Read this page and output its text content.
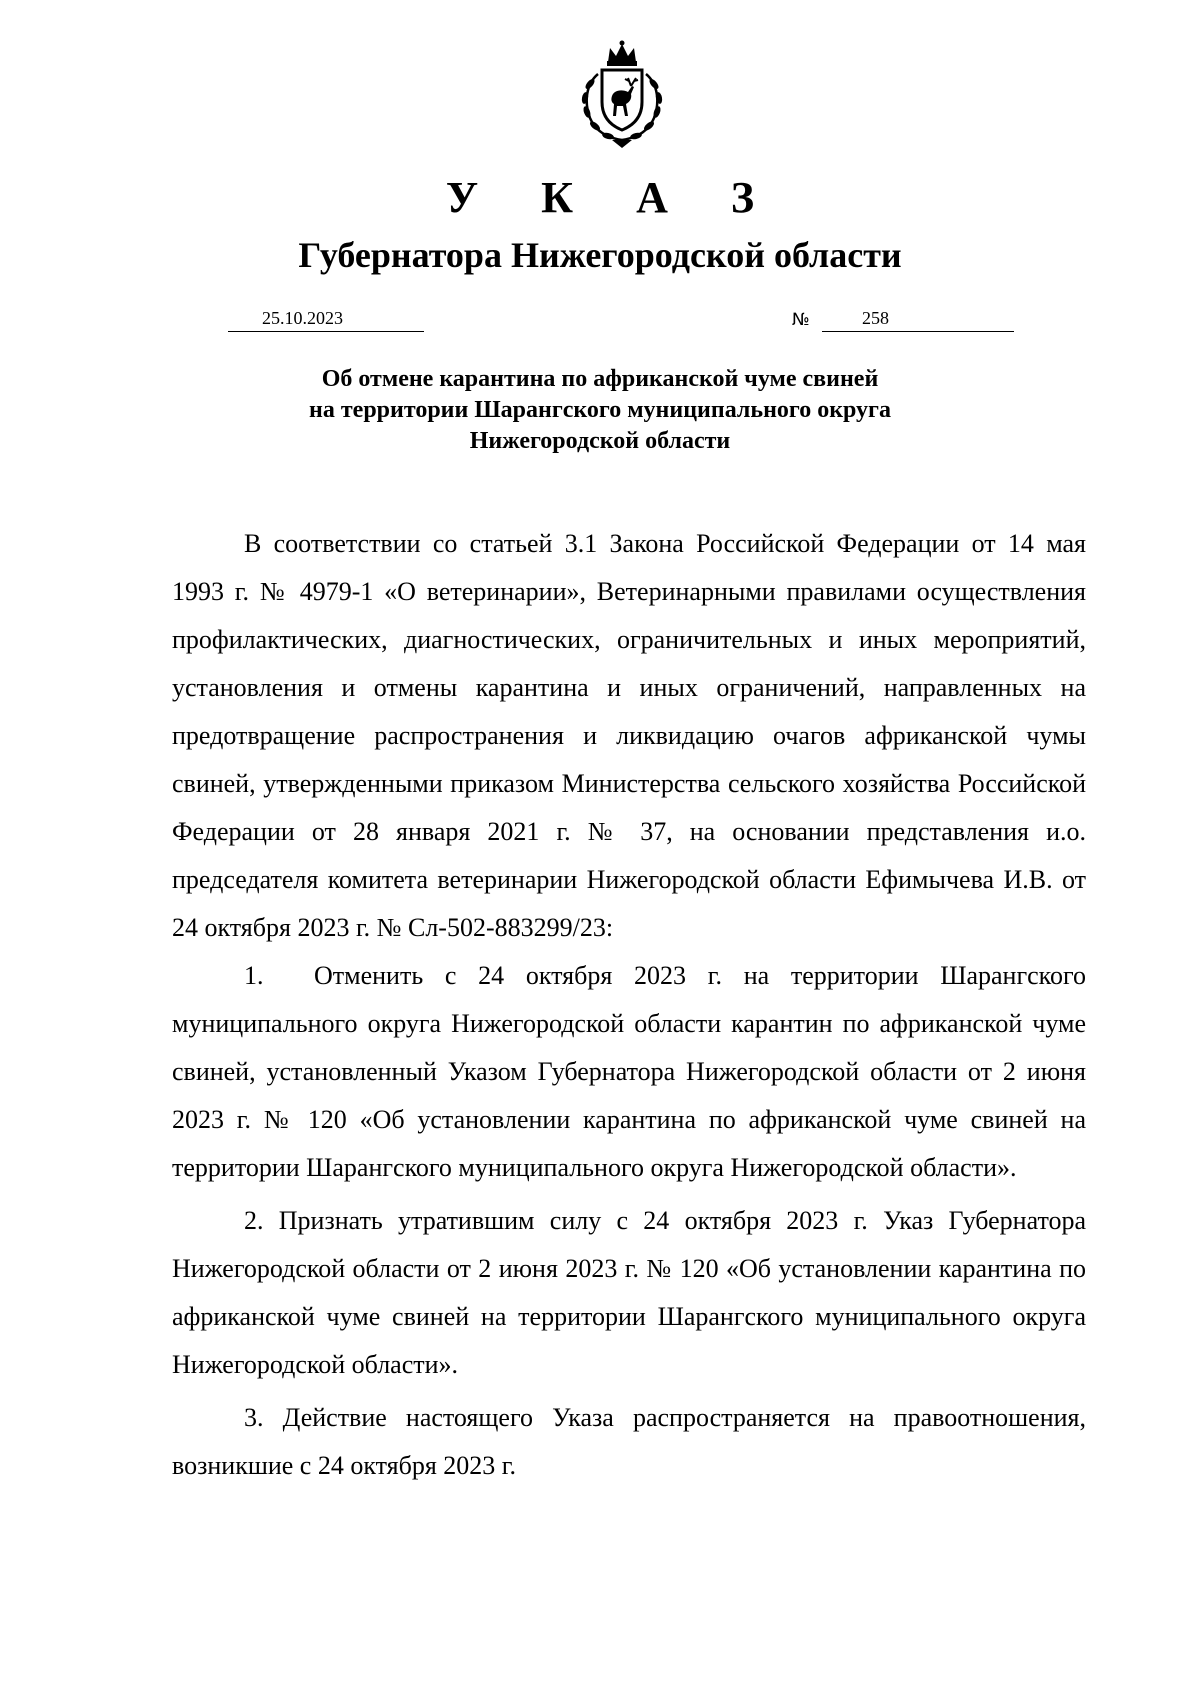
У К А З
Губернатора Нижегородской области
25.10.2023	№	258
Об отмене карантина по африканской чуме свиней
на территории Шарангского муниципального округа
Нижегородской области

В соответствии со статьей 3.1 Закона Российской Федерации от 14 мая 1993 г. № 4979-1 «О ветеринарии», Ветеринарными правилами осуществления профилактических, диагностических, ограничительных и иных мероприятий, установления и отмены карантина и иных ограничений, направленных на предотвращение распространения и ликвидацию очагов африканской чумы свиней, утвержденными приказом Министерства сельского хозяйства Российской Федерации от 28 января 2021 г. № 37, на основании представления и.о. председателя комитета ветеринарии Нижегородской области Ефимычева И.В. от 24 октября 2023 г. № Сл-502-883299/23:

1. Отменить с 24 октября 2023 г. на территории Шарангского муниципального округа Нижегородской области карантин по африканской чуме свиней, установленный Указом Губернатора Нижегородской области от 2 июня 2023 г. № 120 «Об установлении карантина по африканской чуме свиней на территории Шарангского муниципального округа Нижегородской области».

2. Признать утратившим силу с 24 октября 2023 г. Указ Губернатора Нижегородской области от 2 июня 2023 г. № 120 «Об установлении карантина по африканской чуме свиней на территории Шарангского муниципального округа Нижегородской области».

3. Действие настоящего Указа распространяется на правоотношения, возникшие с 24 октября 2023 г.
